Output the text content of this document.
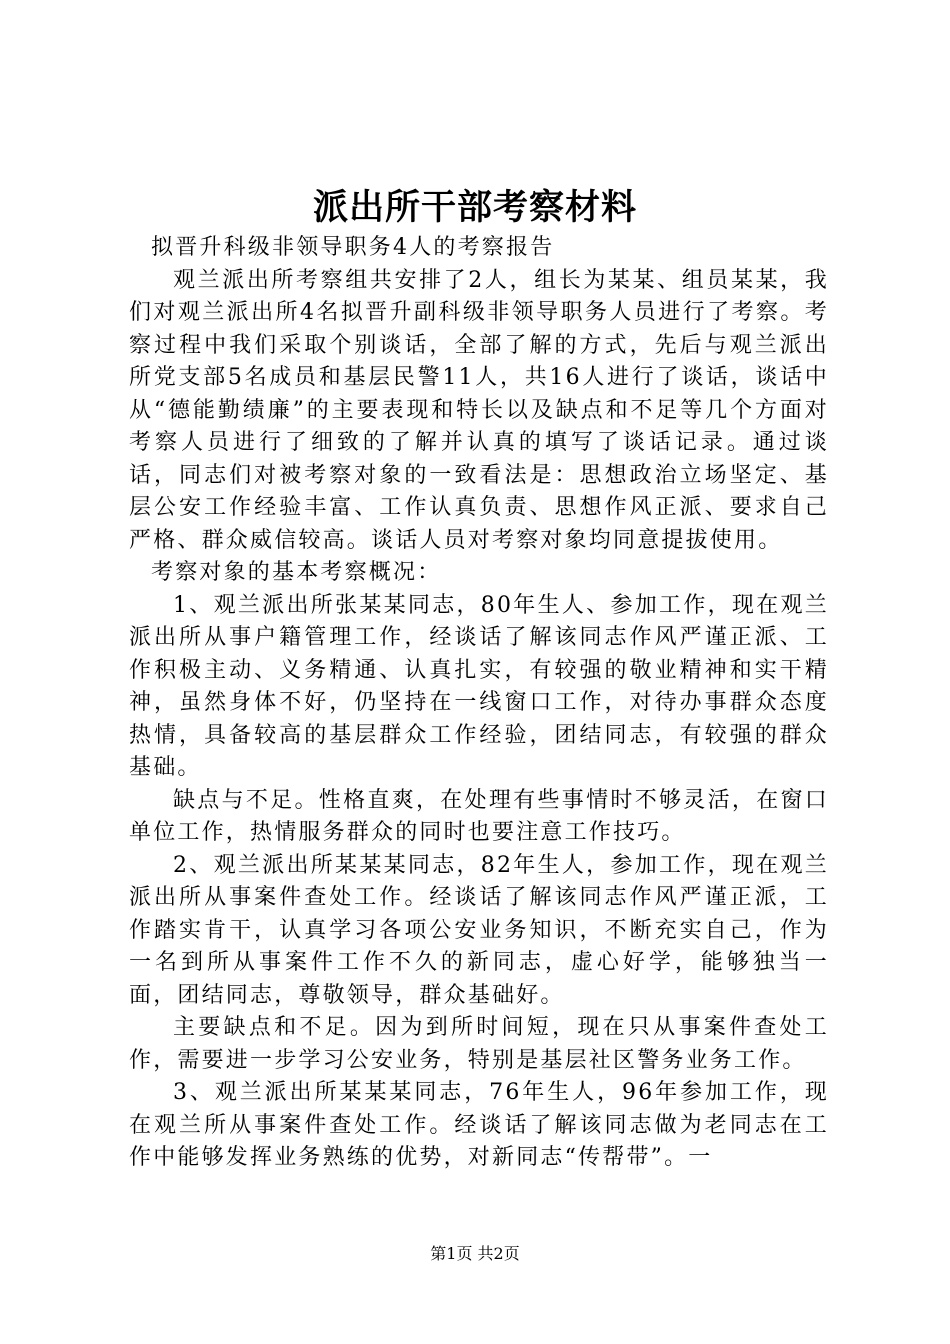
派出所干部考察材料

拟晋升科级非领导职务4人的考察报告

观兰派出所考察组共安排了2人，组长为某某、组员某某，我们对观兰派出所4名拟晋升副科级非领导职务人员进行了考察。考察过程中我们采取个别谈话，全部了解的方式，先后与观兰派出所党支部5名成员和基层民警11人，共16人进行了谈话，谈话中从“德能勤绩廉”的主要表现和特长以及缺点和不足等几个方面对考察人员进行了细致的了解并认真的填写了谈话记录。通过谈话，同志们对被考察对象的一致看法是：思想政治立场坚定、基层公安工作经验丰富、工作认真负责、思想作风正派、要求自己严格、群众威信较高。谈话人员对考察对象均同意提拔使用。

考察对象的基本考察概况：

1、观兰派出所张某某同志，80年生人、参加工作，现在观兰派出所从事户籍管理工作，经谈话了解该同志作风严谨正派、工作积极主动、义务精通、认真扎实，有较强的敬业精神和实干精神，虽然身体不好，仍坚持在一线窗口工作，对待办事群众态度热情，具备较高的基层群众工作经验，团结同志，有较强的群众基础。

缺点与不足。性格直爽，在处理有些事情时不够灵活，在窗口单位工作，热情服务群众的同时也要注意工作技巧。

2、观兰派出所某某某同志，82年生人，参加工作，现在观兰派出所从事案件查处工作。经谈话了解该同志作风严谨正派，工作踏实肯干，认真学习各项公安业务知识，不断充实自己，作为一名到所从事案件工作不久的新同志，虚心好学，能够独当一面，团结同志，尊敬领导，群众基础好。

主要缺点和不足。因为到所时间短，现在只从事案件查处工作，需要进一步学习公安业务，特别是基层社区警务业务工作。

3、观兰派出所某某某同志，76年生人，96年参加工作，现在观兰所从事案件查处工作。经谈话了解该同志做为老同志在工作中能够发挥业务熟练的优势，对新同志“传帮带”。一

第1页 共2页
